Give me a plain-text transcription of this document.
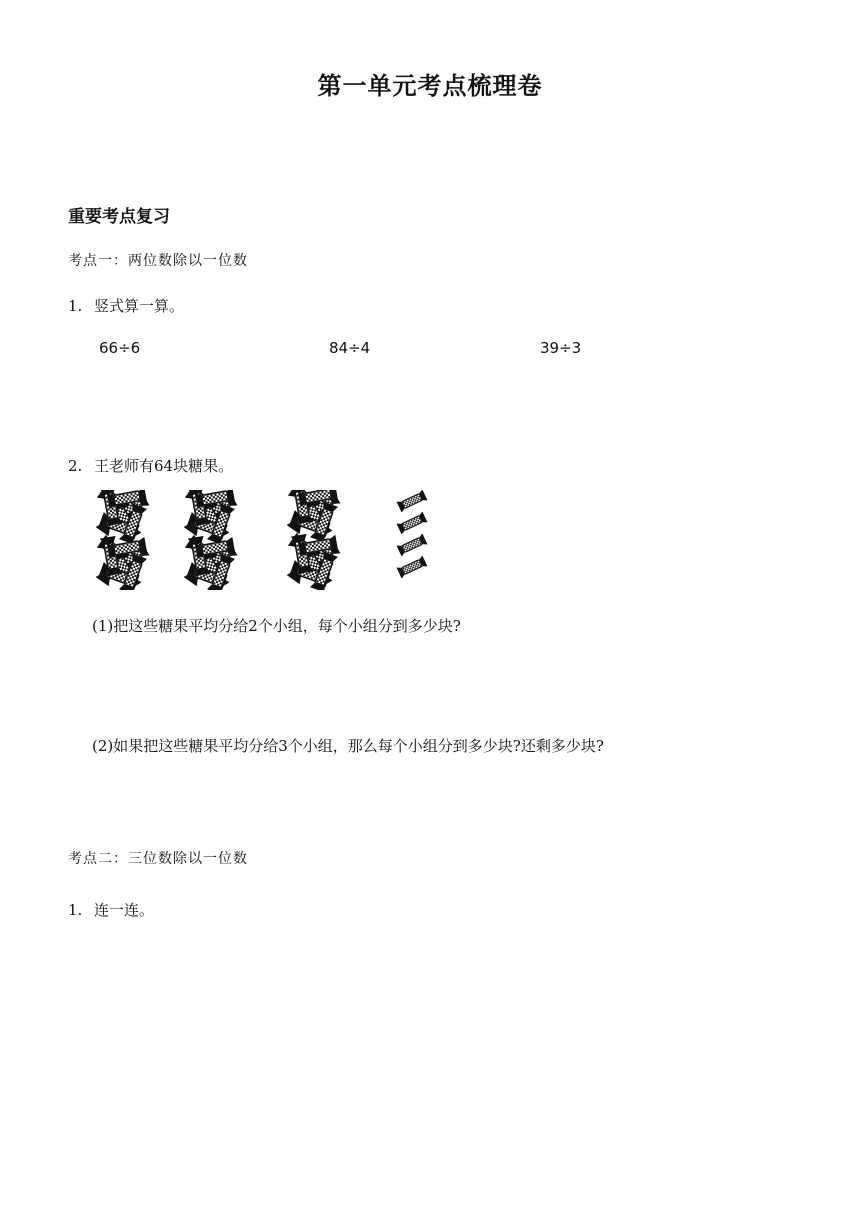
第一单元考点梳理卷
重要考点复习
考点一：两位数除以一位数
1. 竖式算一算。
66÷6	84÷4	39÷3
2. 王老师有64块糖果。
(1)把这些糖果平均分给2个小组，每个小组分到多少块?
(2)如果把这些糖果平均分给3个小组，那么每个小组分到多少块?还剩多少块?
考点二：三位数除以一位数
1. 连一连。
